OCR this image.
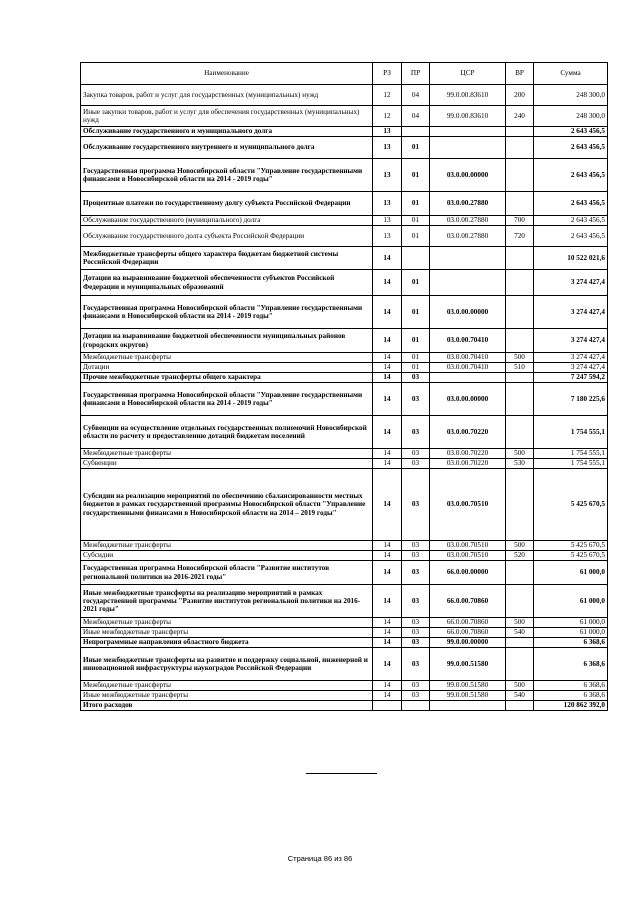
Наименование	РЗ	ПР	ЦСР	ВР	Сумма
Закупка товаров, работ и услуг для государственных (муниципальных) нужд	12	04	99.0.00.83610	200	248 300,0
Иные закупки товаров, работ и услуг для обеспечения государственных (муниципальных) нужд	12	04	99.0.00.83610	240	248 300,0
Обслуживание государственного и муниципального долга	13				2 643 456,5
Обслуживание государственного внутреннего и муниципального долга	13	01			2 643 456,5
Государственная программа Новосибирской области "Управление государственными финансами в Новосибирской области на 2014 - 2019 годы"	13	01	03.0.00.00000		2 643 456,5
Процентные платежи по государственному долгу субъекта Российской Федерации	13	01	03.0.00.27880		2 643 456,5
Обслуживание государственного (муниципального) долга	13	01	03.0.00.27880	700	2 643 456,5
Обслуживание государственного долга субъекта Российской Федерации	13	01	03.0.00.27880	720	2 643 456,5
Межбюджетные трансферты общего характера бюджетам бюджетной системы Российской Федерации	14				10 522 021,6
Дотации на выравнивание бюджетной обеспеченности субъектов Российской Федерации и муниципальных образований	14	01			3 274 427,4
Государственная программа Новосибирской области "Управление государственными финансами в Новосибирской области на 2014 - 2019 годы"	14	01	03.0.00.00000		3 274 427,4
Дотации на выравнивание бюджетной обеспеченности муниципальных районов (городских округов)	14	01	03.0.00.70410		3 274 427,4
Межбюджетные трансферты	14	01	03.0.00.70410	500	3 274 427,4
Дотации	14	01	03.0.00.70410	510	3 274 427,4
Прочие межбюджетные трансферты общего характера	14	03			7 247 594,2
Государственная программа Новосибирской области "Управление государственными финансами в Новосибирской области на 2014 - 2019 годы"	14	03	03.0.00.00000		7 180 225,6
Субвенции на осуществление отдельных государственных полномочий Новосибирской области по расчету и предоставлению дотаций бюджетам поселений	14	03	03.0.00.70220		1 754 555,1
Межбюджетные трансферты	14	03	03.0.00.70220	500	1 754 555,1
Субвенции	14	03	03.0.00.70220	530	1 754 555,1
Субсидии на реализацию мероприятий по обеспечению сбалансированности местных бюджетов в рамках государственной программы Новосибирской области "Управление государственными финансами в Новосибирской области на 2014 – 2019 годы"	14	03	03.0.00.70510		5 425 670,5
Межбюджетные трансферты	14	03	03.0.00.70510	500	5 425 670,5
Субсидии	14	03	03.0.00.70510	520	5 425 670,5
Государственная программа Новосибирской области "Развитие институтов региональной политики на 2016-2021 годы"	14	03	66.0.00.00000		61 000,0
Иные межбюджетные трансферты на реализацию мероприятий в рамках государственной программы "Развитие институтов региональной политики на 2016-2021 годы"	14	03	66.0.00.70860		61 000,0
Межбюджетные трансферты	14	03	66.0.00.70860	500	61 000,0
Иные межбюджетные трансферты	14	03	66.0.00.70860	540	61 000,0
Непрограммные направления областного бюджета	14	03	99.0.00.00000		6 368,6
Иные межбюджетные трансферты на развитие и поддержку социальной, инженерной и инновационной инфраструктуры наукоградов Российской Федерации	14	03	99.0.00.51580		6 368,6
Межбюджетные трансферты	14	03	99.0.00.51580	500	6 368,6
Иные межбюджетные трансферты	14	03	99.0.00.51580	540	6 368,6
Итого расходов					120 862 392,0
Страница 86 из 86
